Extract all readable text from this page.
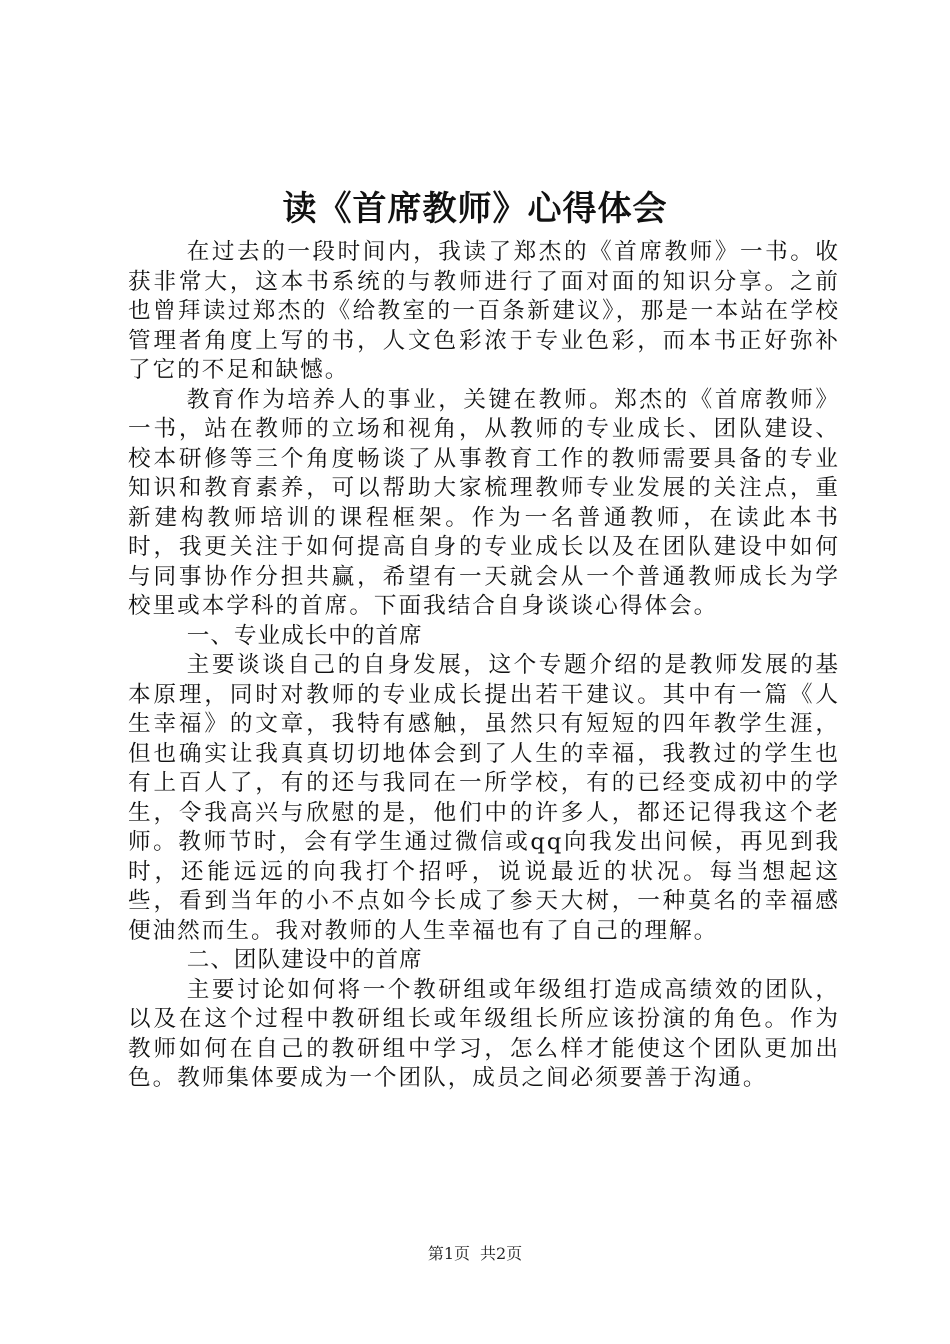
读《首席教师》心得体会

在过去的一段时间内，我读了郑杰的《首席教师》一书。收获非常大，这本书系统的与教师进行了面对面的知识分享。之前也曾拜读过郑杰的《给教室的一百条新建议》，那是一本站在学校管理者角度上写的书，人文色彩浓于专业色彩，而本书正好弥补了它的不足和缺憾。

教育作为培养人的事业，关键在教师。郑杰的《首席教师》一书，站在教师的立场和视角，从教师的专业成长、团队建设、校本研修等三个角度畅谈了从事教育工作的教师需要具备的专业知识和教育素养，可以帮助大家梳理教师专业发展的关注点，重新建构教师培训的课程框架。作为一名普通教师，在读此本书时，我更关注于如何提高自身的专业成长以及在团队建设中如何与同事协作分担共赢，希望有一天就会从一个普通教师成长为学校里或本学科的首席。下面我结合自身谈谈心得体会。

一、专业成长中的首席

主要谈谈自己的自身发展，这个专题介绍的是教师发展的基本原理，同时对教师的专业成长提出若干建议。其中有一篇《人生幸福》的文章，我特有感触，虽然只有短短的四年教学生涯，但也确实让我真真切切地体会到了人生的幸福，我教过的学生也有上百人了，有的还与我同在一所学校，有的已经变成初中的学生，令我高兴与欣慰的是，他们中的许多人，都还记得我这个老师。教师节时，会有学生通过微信或qq向我发出问候，再见到我时，还能远远的向我打个招呼，说说最近的状况。每当想起这些，看到当年的小不点如今长成了参天大树，一种莫名的幸福感便油然而生。我对教师的人生幸福也有了自己的理解。

二、团队建设中的首席

主要讨论如何将一个教研组或年级组打造成高绩效的团队，以及在这个过程中教研组长或年级组长所应该扮演的角色。作为教师如何在自己的教研组中学习，怎么样才能使这个团队更加出色。教师集体要成为一个团队，成员之间必须要善于沟通。

第1页 共2页
